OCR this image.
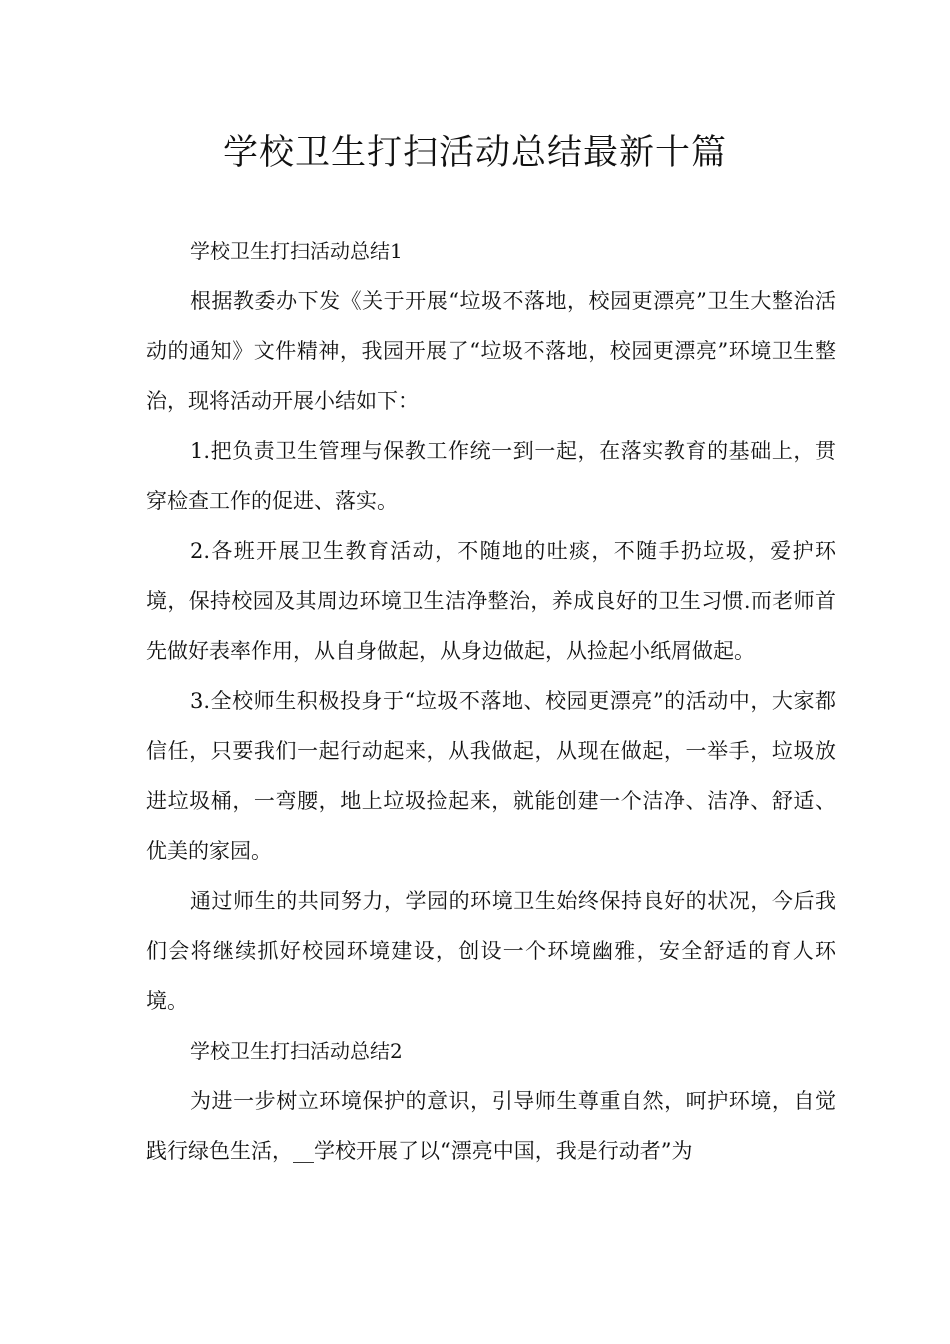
学校卫生打扫活动总结最新十篇

学校卫生打扫活动总结1

根据教委办下发《关于开展“垃圾不落地，校园更漂亮”卫生大整治活动的通知》文件精神，我园开展了“垃圾不落地，校园更漂亮”环境卫生整治，现将活动开展小结如下：

1.把负责卫生管理与保教工作统一到一起，在落实教育的基础上，贯穿检查工作的促进、落实。

2.各班开展卫生教育活动，不随地的吐痰，不随手扔垃圾，爱护环境，保持校园及其周边环境卫生洁净整治，养成良好的卫生习惯.而老师首先做好表率作用，从自身做起，从身边做起，从捡起小纸屑做起。

3.全校师生积极投身于“垃圾不落地、校园更漂亮”的活动中，大家都信任，只要我们一起行动起来，从我做起，从现在做起，一举手，垃圾放进垃圾桶，一弯腰，地上垃圾捡起来，就能创建一个洁净、洁净、舒适、优美的家园。

通过师生的共同努力，学园的环境卫生始终保持良好的状况，今后我们会将继续抓好校园环境建设，创设一个环境幽雅，安全舒适的育人环境。

学校卫生打扫活动总结2

为进一步树立环境保护的意识，引导师生尊重自然，呵护环境，自觉践行绿色生活，__学校开展了以“漂亮中国，我是行动者”为
